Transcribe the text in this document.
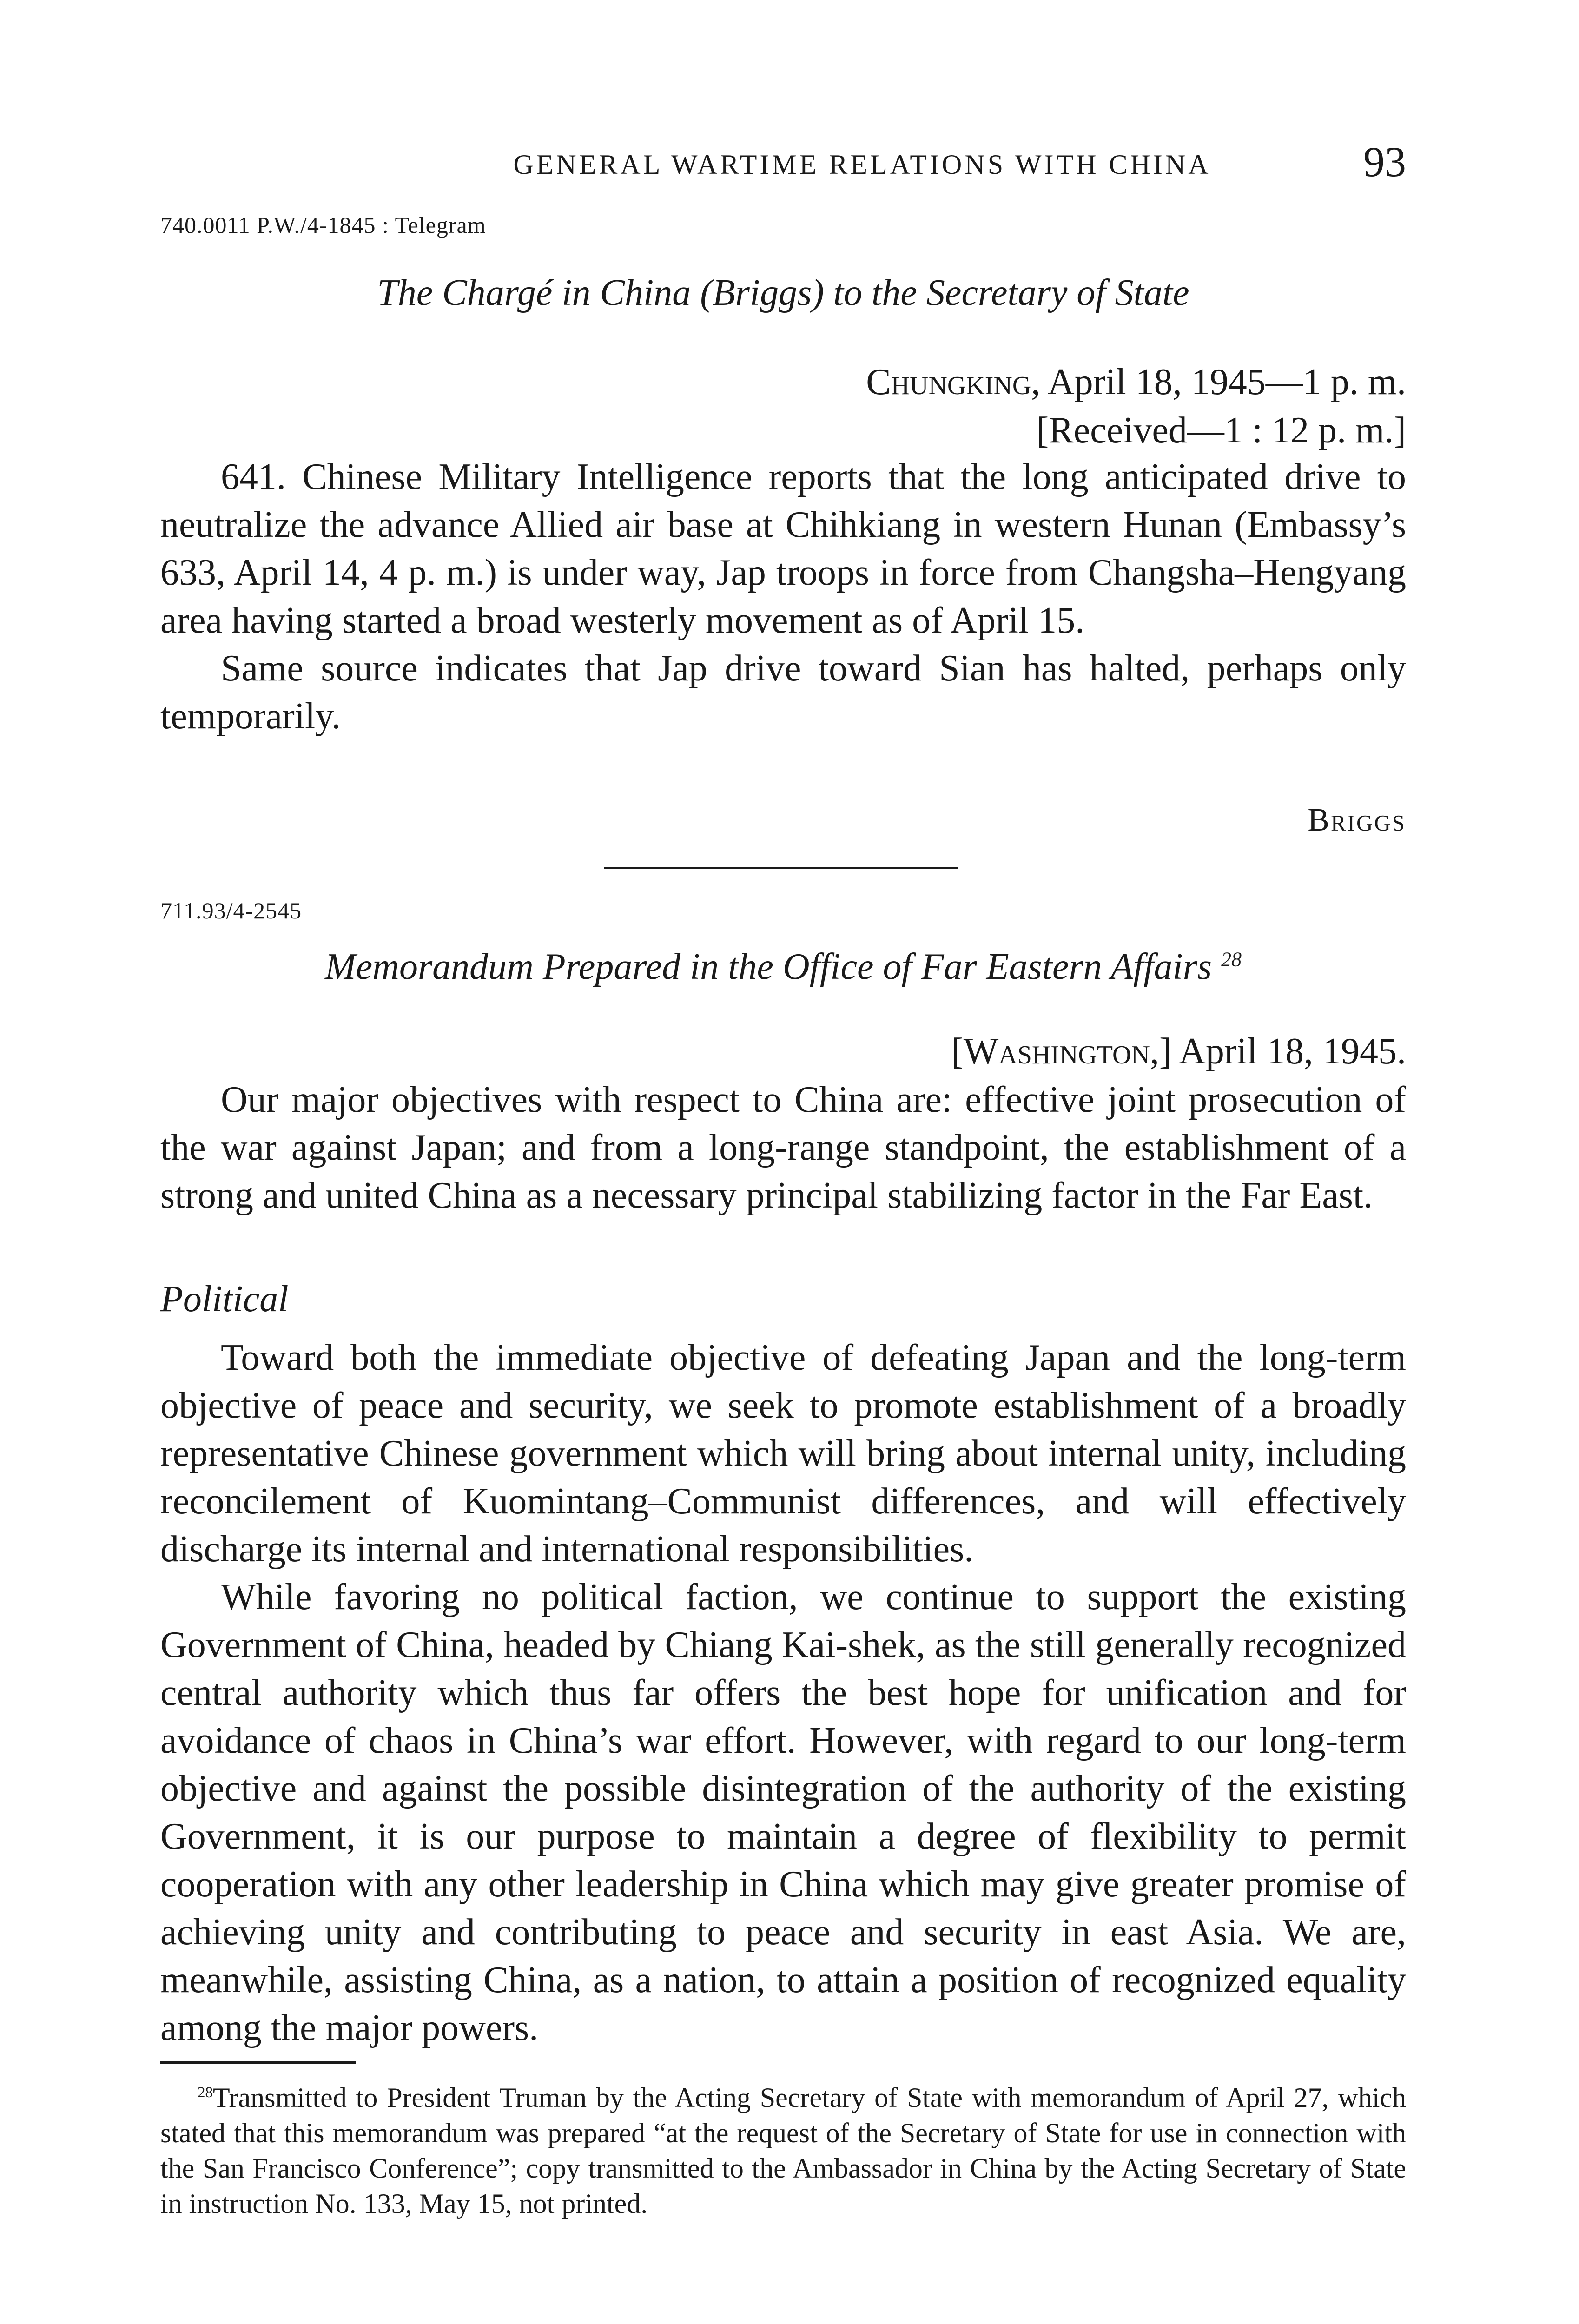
GENERAL WARTIME RELATIONS WITH CHINA	93
740.0011 P.W./4-1845 : Telegram
The Chargé in China (Briggs) to the Secretary of State
Chungking, April 18, 1945—1 p. m.
[Received—1 : 12 p. m.]

641. Chinese Military Intelligence reports that the long anticipated drive to neutralize the advance Allied air base at Chihkiang in western Hunan (Embassy’s 633, April 14, 4 p. m.) is under way, Jap troops in force from Changsha–Hengyang area having started a broad westerly movement as of April 15.

Same source indicates that Jap drive toward Sian has halted, perhaps only temporarily.

Briggs
711.93/4-2545
Memorandum Prepared in the Office of Far Eastern Affairs $^{28}$
[Washington,] April 18, 1945.

Our major objectives with respect to China are: effective joint prosecution of the war against Japan; and from a long-range standpoint, the establishment of a strong and united China as a necessary principal stabilizing factor in the Far East.

Political

Toward both the immediate objective of defeating Japan and the long-term objective of peace and security, we seek to promote establishment of a broadly representative Chinese government which will bring about internal unity, including reconcilement of Kuomintang–Communist differences, and will effectively discharge its internal and international responsibilities.

While favoring no political faction, we continue to support the existing Government of China, headed by Chiang Kai-shek, as the still generally recognized central authority which thus far offers the best hope for unification and for avoidance of chaos in China’s war effort. However, with regard to our long-term objective and against the possible disintegration of the authority of the existing Government, it is our purpose to maintain a degree of flexibility to permit cooperation with any other leadership in China which may give greater promise of achieving unity and contributing to peace and security in east Asia. We are, meanwhile, assisting China, as a nation, to attain a position of recognized equality among the major powers.

$^{28}$Transmitted to President Truman by the Acting Secretary of State with memorandum of April 27, which stated that this memorandum was prepared “at the request of the Secretary of State for use in connection with the San Francisco Conference”; copy transmitted to the Ambassador in China by the Acting Secretary of State in instruction No. 133, May 15, not printed.
